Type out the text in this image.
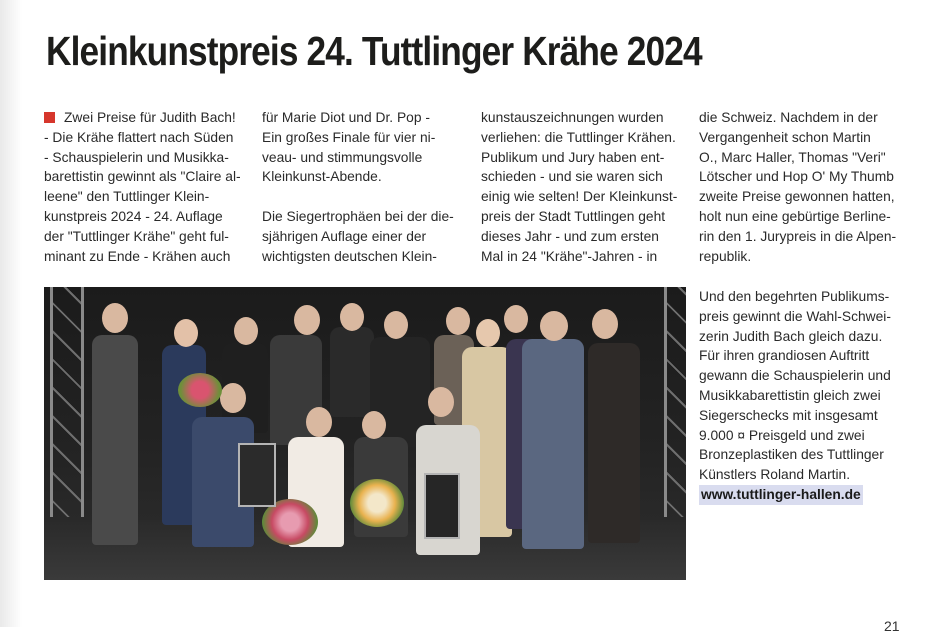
Kleinkunstpreis 24. Tuttlinger Krähe 2024

Zwei Preise für Judith Bach!

- Die Krähe flattert nach Süden

- Schauspielerin und Musikka-

barettistin gewinnt als "Claire al-

leene" den Tuttlinger Klein-

kunstpreis 2024 - 24. Auflage

der "Tuttlinger Krähe" geht ful-

minant zu Ende - Krähen auch

für Marie Diot und Dr. Pop -

Ein großes Finale für vier ni-

veau- und stimmungsvolle

Kleinkunst-Abende.

Die Siegertrophäen bei der die-

sjährigen Auflage einer der

wichtigsten deutschen Klein-

kunstauszeichnungen wurden

verliehen: die Tuttlinger Krähen.

Publikum und Jury haben ent-

schieden - und sie waren sich

einig wie selten! Der Kleinkunst-

preis der Stadt Tuttlingen geht

dieses Jahr - und zum ersten

Mal in 24 "Krähe"-Jahren - in

die Schweiz. Nachdem in der

Vergangenheit schon Martin

O., Marc Haller, Thomas "Veri"

Lötscher und Hop O' My Thumb

zweite Preise gewonnen hatten,

holt nun eine gebürtige Berline-

rin den 1. Jurypreis in die Alpen-

republik.

Und den begehrten Publikums-

preis gewinnt die Wahl-Schwei-

zerin Judith Bach gleich dazu.

Für ihren grandiosen Auftritt

gewann die Schauspielerin und

Musikkabarettistin gleich zwei

Siegerschecks mit insgesamt

9.000 ¤ Preisgeld und zwei

Bronzeplastiken des Tuttlinger

Künstlers Roland Martin.

www.tuttlinger-hallen.de

21
